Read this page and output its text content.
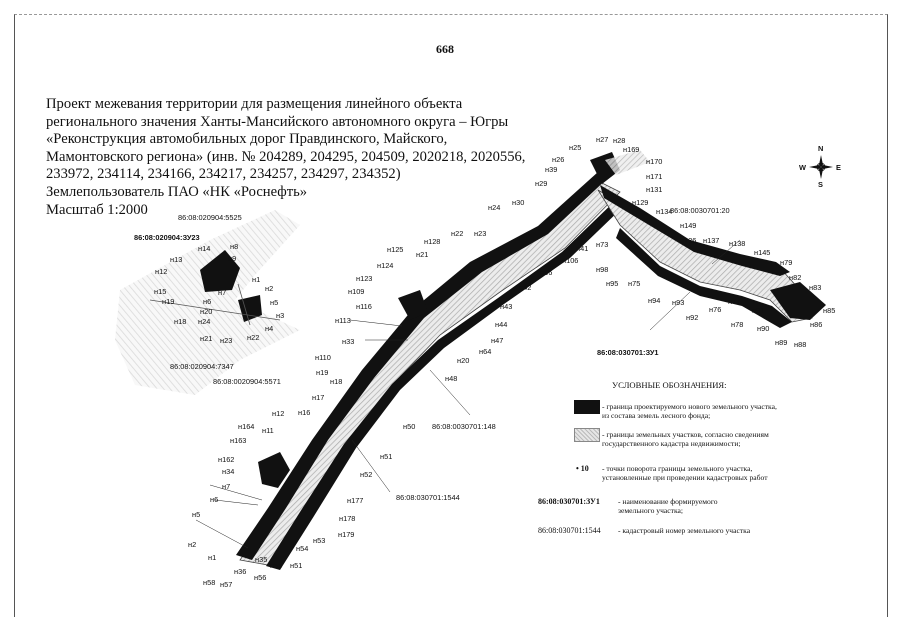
668
Проект межевания территории для размещения линейного объекта
регионального значения Ханты-Мансийского автономного округа – Югры
«Реконструкция автомобильных дорог Правдинского, Майского,
Мамонтовского региона» (инв. № 204289, 204295, 204509, 2020218, 2020556,
233972, 234114, 234166, 234217, 234257, 234297, 234352)
Землепользователь ПАО «НК «Роснефть»
Масштаб 1:2000
N
S
W	E
86:08:020904:5525
86:08:020904:ЗУ23
86:08:020904:7347
86:08:0020904:5571
86:08:0030701:20
86:08:030701:ЗУ1
86:08:0030701:148
86:08:030701:1544
н8
н9
н14
н13
н12
н1
н2
н7
н6	н5
н15
н19
н20
н18 н24
н3
н4
н21 н23 н22
н25
н27 н28
н39
н169
н170
н171
н131
н26
н29
н129
н134
н149
н24
н30
н22 н23
н128
н125
н21
н124
н123
н109
н116
н113
н33
н110
н19
н18
н17
н16
н12
н164 н11
н163
н162
н34
н7
н6
н5
н2
н1
н58 н57
н36
н35
н56
н55
н54
н51
н53
н179
н178
н177
н52
н51
н50
н48
н20
н64
н47
н44
н43
н42
н66
н106
н41 н73
н98
н95 н75
н94 н93
н92
н76
н77
н78
н91
н90
н89 н88
н86
н85
н83
н82
н79
н145
н138
н137
н136
УСЛОВНЫЕ ОБОЗНАЧЕНИЯ:
- граница проектируемого нового земельного участка, из состава земель лесного фонда;
- границы земельных участков, согласно сведениям государственного кадастра недвижимости;
• 10 - точки поворота границы земельного участка, установленные при проведении кадастровых работ
86:08:030701:ЗУ1 - наименование формируемого земельного участка;
86:08:030701:1544 - кадастровый номер земельного участка
